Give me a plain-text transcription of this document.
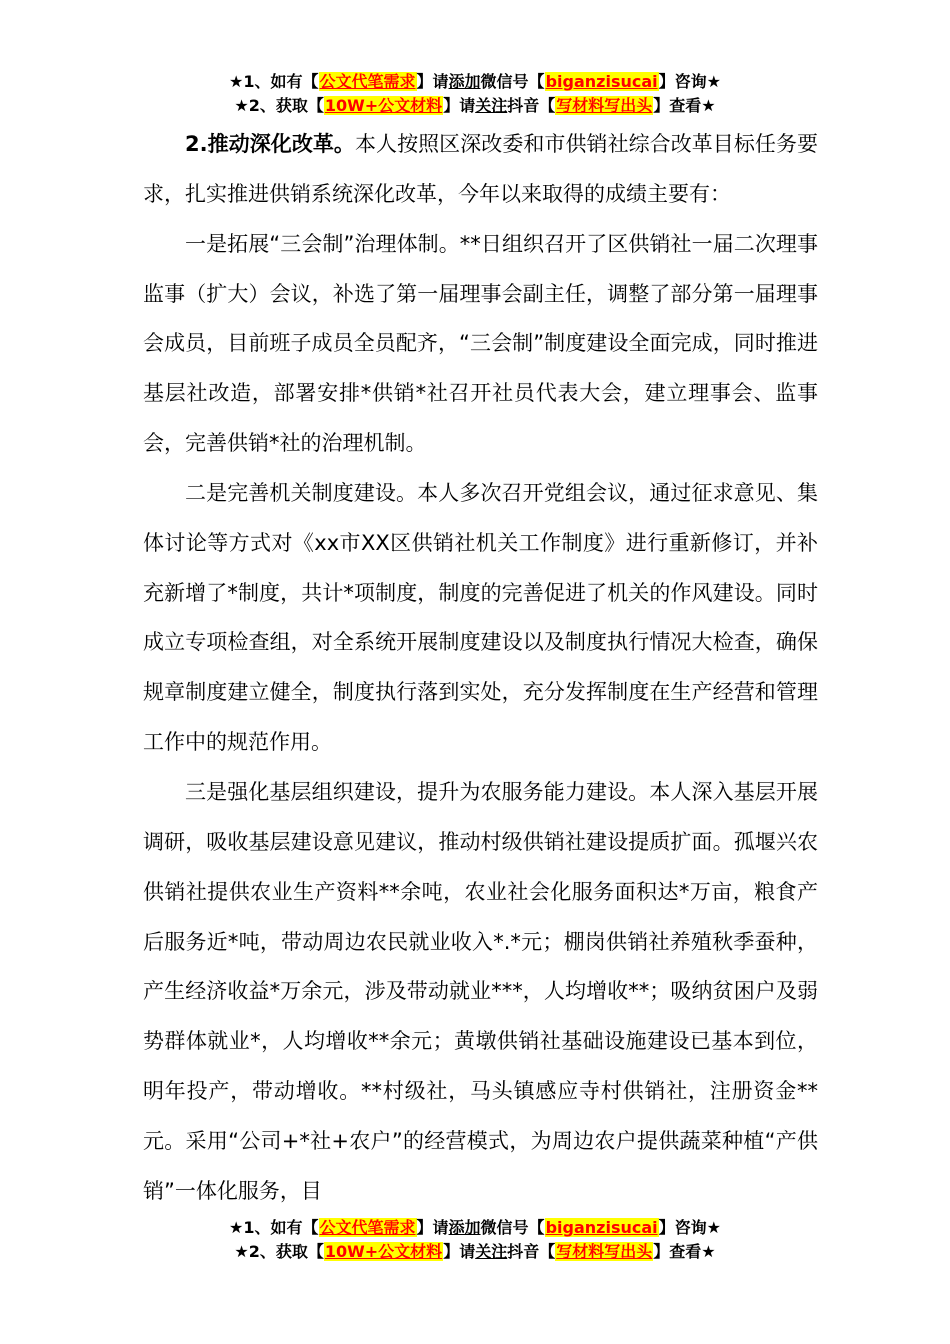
★1、如有【公文代笔需求】请添加微信号【biganzisucai】咨询★
★2、获取【10W+公文材料】请关注抖音【写材料写出头】查看★

2.推动深化改革。本人按照区深改委和市供销社综合改革目标任务要求，扎实推进供销系统深化改革，今年以来取得的成绩主要有：

一是拓展“三会制”治理体制。**日组织召开了区供销社一届二次理事监事（扩大）会议，补选了第一届理事会副主任，调整了部分第一届理事会成员，目前班子成员全员配齐，“三会制”制度建设全面完成，同时推进基层社改造，部署安排*供销*社召开社员代表大会，建立理事会、监事会，完善供销*社的治理机制。

二是完善机关制度建设。本人多次召开党组会议，通过征求意见、集体讨论等方式对《xx市XX区供销社机关工作制度》进行重新修订，并补充新增了*制度，共计*项制度，制度的完善促进了机关的作风建设。同时成立专项检查组，对全系统开展制度建设以及制度执行情况大检查，确保规章制度建立健全，制度执行落到实处，充分发挥制度在生产经营和管理工作中的规范作用。

三是强化基层组织建设，提升为农服务能力建设。本人深入基层开展调研，吸收基层建设意见建议，推动村级供销社建设提质扩面。孤堰兴农供销社提供农业生产资料**余吨，农业社会化服务面积达*万亩，粮食产后服务近*吨，带动周边农民就业收入*.*元；棚岗供销社养殖秋季蚕种，产生经济收益*万余元，涉及带动就业***，人均增收**；吸纳贫困户及弱势群体就业*，人均增收**余元；黄墩供销社基础设施建设已基本到位，明年投产，带动增收。**村级社，马头镇感应寺村供销社，注册资金**元。采用“公司+*社+农户”的经营模式，为周边农户提供蔬菜种植“产供销”一体化服务，目

★1、如有【公文代笔需求】请添加微信号【biganzisucai】咨询★
★2、获取【10W+公文材料】请关注抖音【写材料写出头】查看★
